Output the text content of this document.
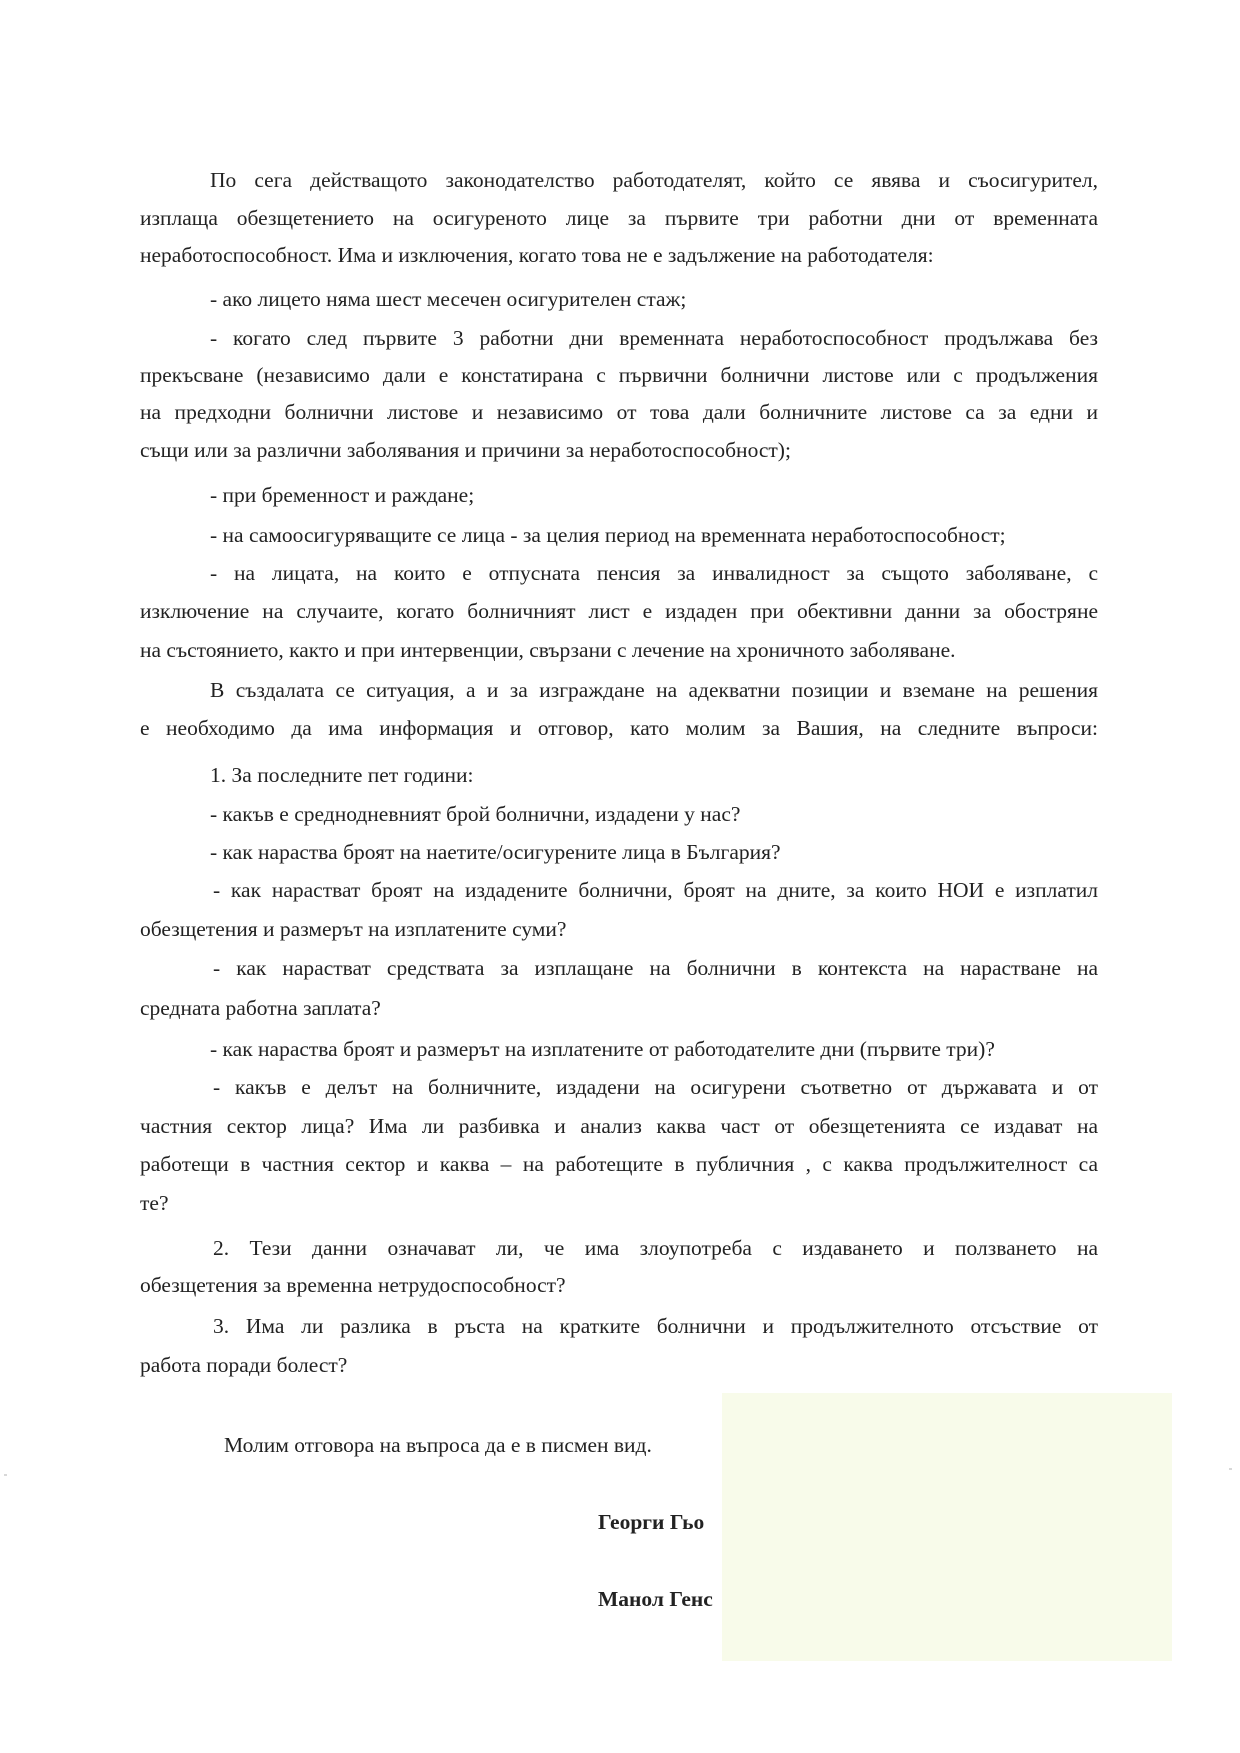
По сега действащото законодателство работодателят, който се явява и съосигурител,
изплаща обезщетението на осигуреното лице за първите три работни дни от временната
неработоспособност. Има и изключения, когато това не е задължение на работодателя:
- ако лицето няма шест месечен осигурителен стаж;
- когато след първите 3 работни дни временната неработоспособност продължава без
прекъсване (независимо дали е констатирана с първични болнични листове или с продължения
на предходни болнични листове и независимо от това дали болничните листове са за едни и
същи или за различни заболявания и причини за неработоспособност);
- при бременност и раждане;
- на самоосигуряващите се лица - за целия период на временната неработоспособност;
- на лицата, на които е отпусната пенсия за инвалидност за същото заболяване, с
изключение на случаите, когато болничният лист е издаден при обективни данни за обостряне
на състоянието, както и при интервенции, свързани с лечение на хроничното заболяване.
В създалата се ситуация, а и за изграждане на адекватни позиции и вземане на решения
е необходимо да има информация и отговор, като молим за Вашия, на следните въпроси:
1. За последните пет години:
- какъв е среднодневният брой болнични, издадени у нас?
- как нараства броят на наетите/осигурените лица в България?
- как нарастват броят на издадените болнични, броят на дните, за които НОИ е изплатил
обезщетения и размерът на изплатените суми?
- как нарастват средствата за изплащане на болнични в контекста на нарастване на
средната работна заплата?
- как нараства броят и размерът на изплатените от работодателите дни (първите три)?
- какъв е делът на болничните, издадени на осигурени съответно от държавата и от
частния сектор лица? Има ли разбивка и анализ каква част от обезщетенията се издават на
работещи в частния сектор и каква – на работещите в публичния , с каква продължителност са
те?
2. Тези данни означават ли, че има злоупотреба с издаването и ползването на
обезщетения за временна нетрудоспособност?
3. Има ли разлика в ръста на кратките болнични и продължителното отсъствие от
работа поради болест?
Молим отговора на въпроса да е в писмен вид.
Георги Гьо
Манол Генс
